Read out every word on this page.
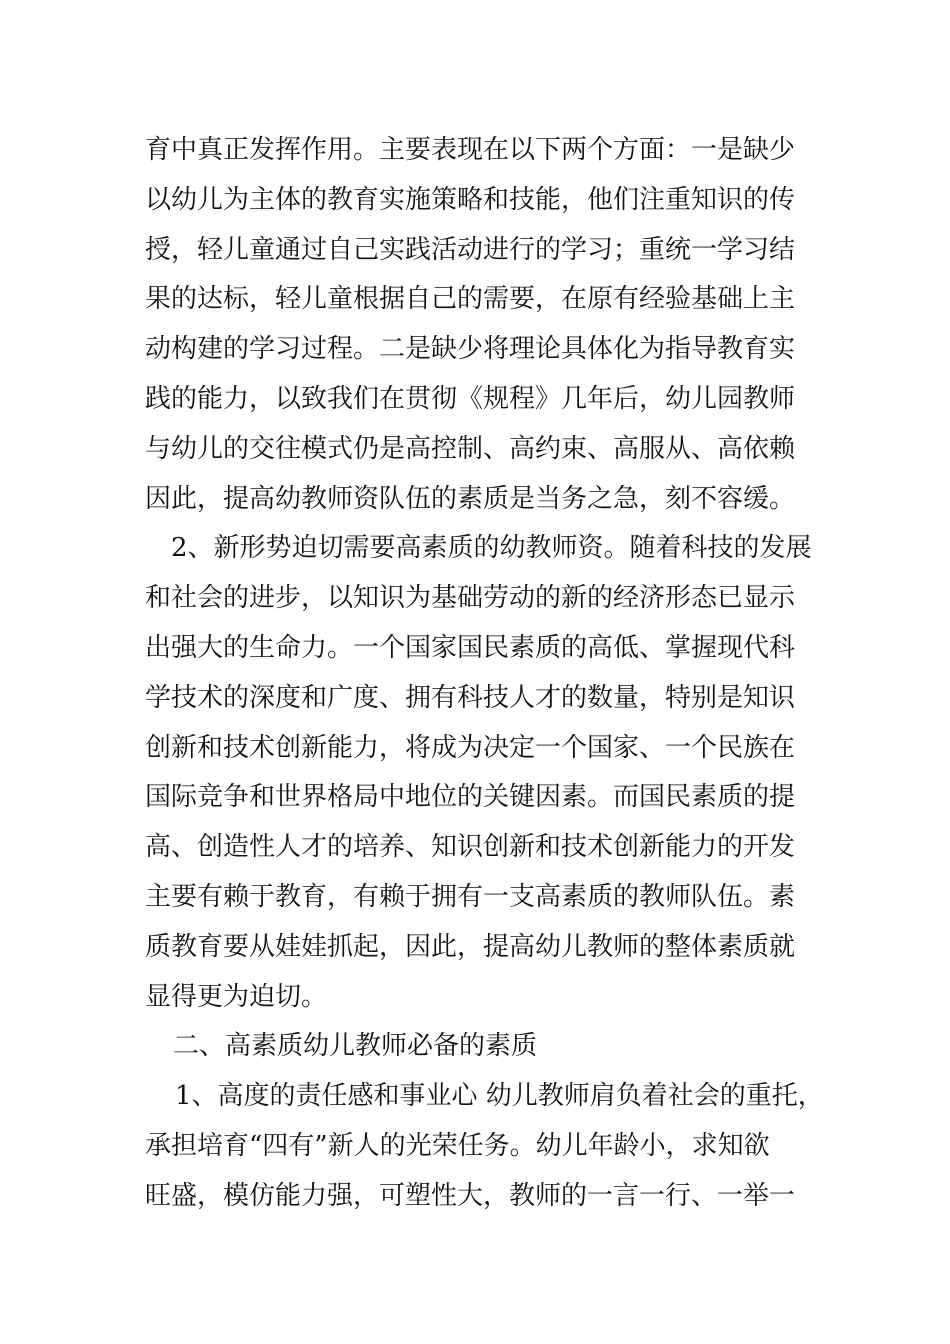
育中真正发挥作用。主要表现在以下两个方面：一是缺少
以幼儿为主体的教育实施策略和技能，他们注重知识的传
授，轻儿童通过自己实践活动进行的学习；重统一学习结
果的达标，轻儿童根据自己的需要，在原有经验基础上主
动构建的学习过程。二是缺少将理论具体化为指导教育实
践的能力，以致我们在贯彻《规程》几年后，幼儿园教师
与幼儿的交往模式仍是高控制、高约束、高服从、高依赖
因此，提高幼教师资队伍的素质是当务之急，刻不容缓。
2、新形势迫切需要高素质的幼教师资。随着科技的发展
和社会的进步，以知识为基础劳动的新的经济形态已显示
出强大的生命力。一个国家国民素质的高低、掌握现代科
学技术的深度和广度、拥有科技人才的数量，特别是知识
创新和技术创新能力，将成为决定一个国家、一个民族在
国际竞争和世界格局中地位的关键因素。而国民素质的提
高、创造性人才的培养、知识创新和技术创新能力的开发
主要有赖于教育，有赖于拥有一支高素质的教师队伍。素
质教育要从娃娃抓起，因此，提高幼儿教师的整体素质就
显得更为迫切。
二、高素质幼儿教师必备的素质
1、高度的责任感和事业心 幼儿教师肩负着社会的重托，
承担培育“四有”新人的光荣任务。幼儿年龄小，求知欲
旺盛，模仿能力强，可塑性大，教师的一言一行、一举一
